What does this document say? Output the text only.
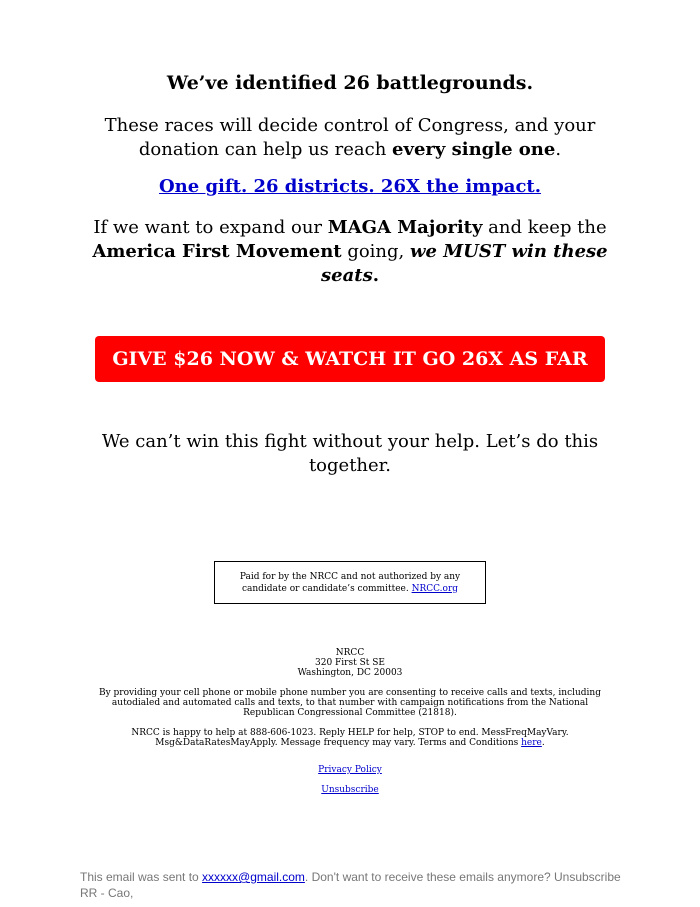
We’ve identified 26 battlegrounds.
These races will decide control of Congress, and your donation can help us reach every single one.
One gift. 26 districts. 26X the impact.
If we want to expand our MAGA Majority and keep the America First Movement going, we MUST win these seats.
GIVE $26 NOW & WATCH IT GO 26X AS FAR
We can’t win this fight without your help. Let’s do this together.
Paid for by the NRCC and not authorized by any candidate or candidate’s committee. NRCC.org
NRCC
320 First St SE
Washington, DC 20003
By providing your cell phone or mobile phone number you are consenting to receive calls and texts, including autodialed and automated calls and texts, to that number with campaign notifications from the National Republican Congressional Committee (21818).
NRCC is happy to help at 888-606-1023. Reply HELP for help, STOP to end. MessFreqMayVary. Msg&DataRatesMayApply. Message frequency may vary. Terms and Conditions here.
Privacy Policy
Unsubscribe
This email was sent to xxxxxx@gmail.com. Don't want to receive these emails anymore? Unsubscribe
RR - Cao,
